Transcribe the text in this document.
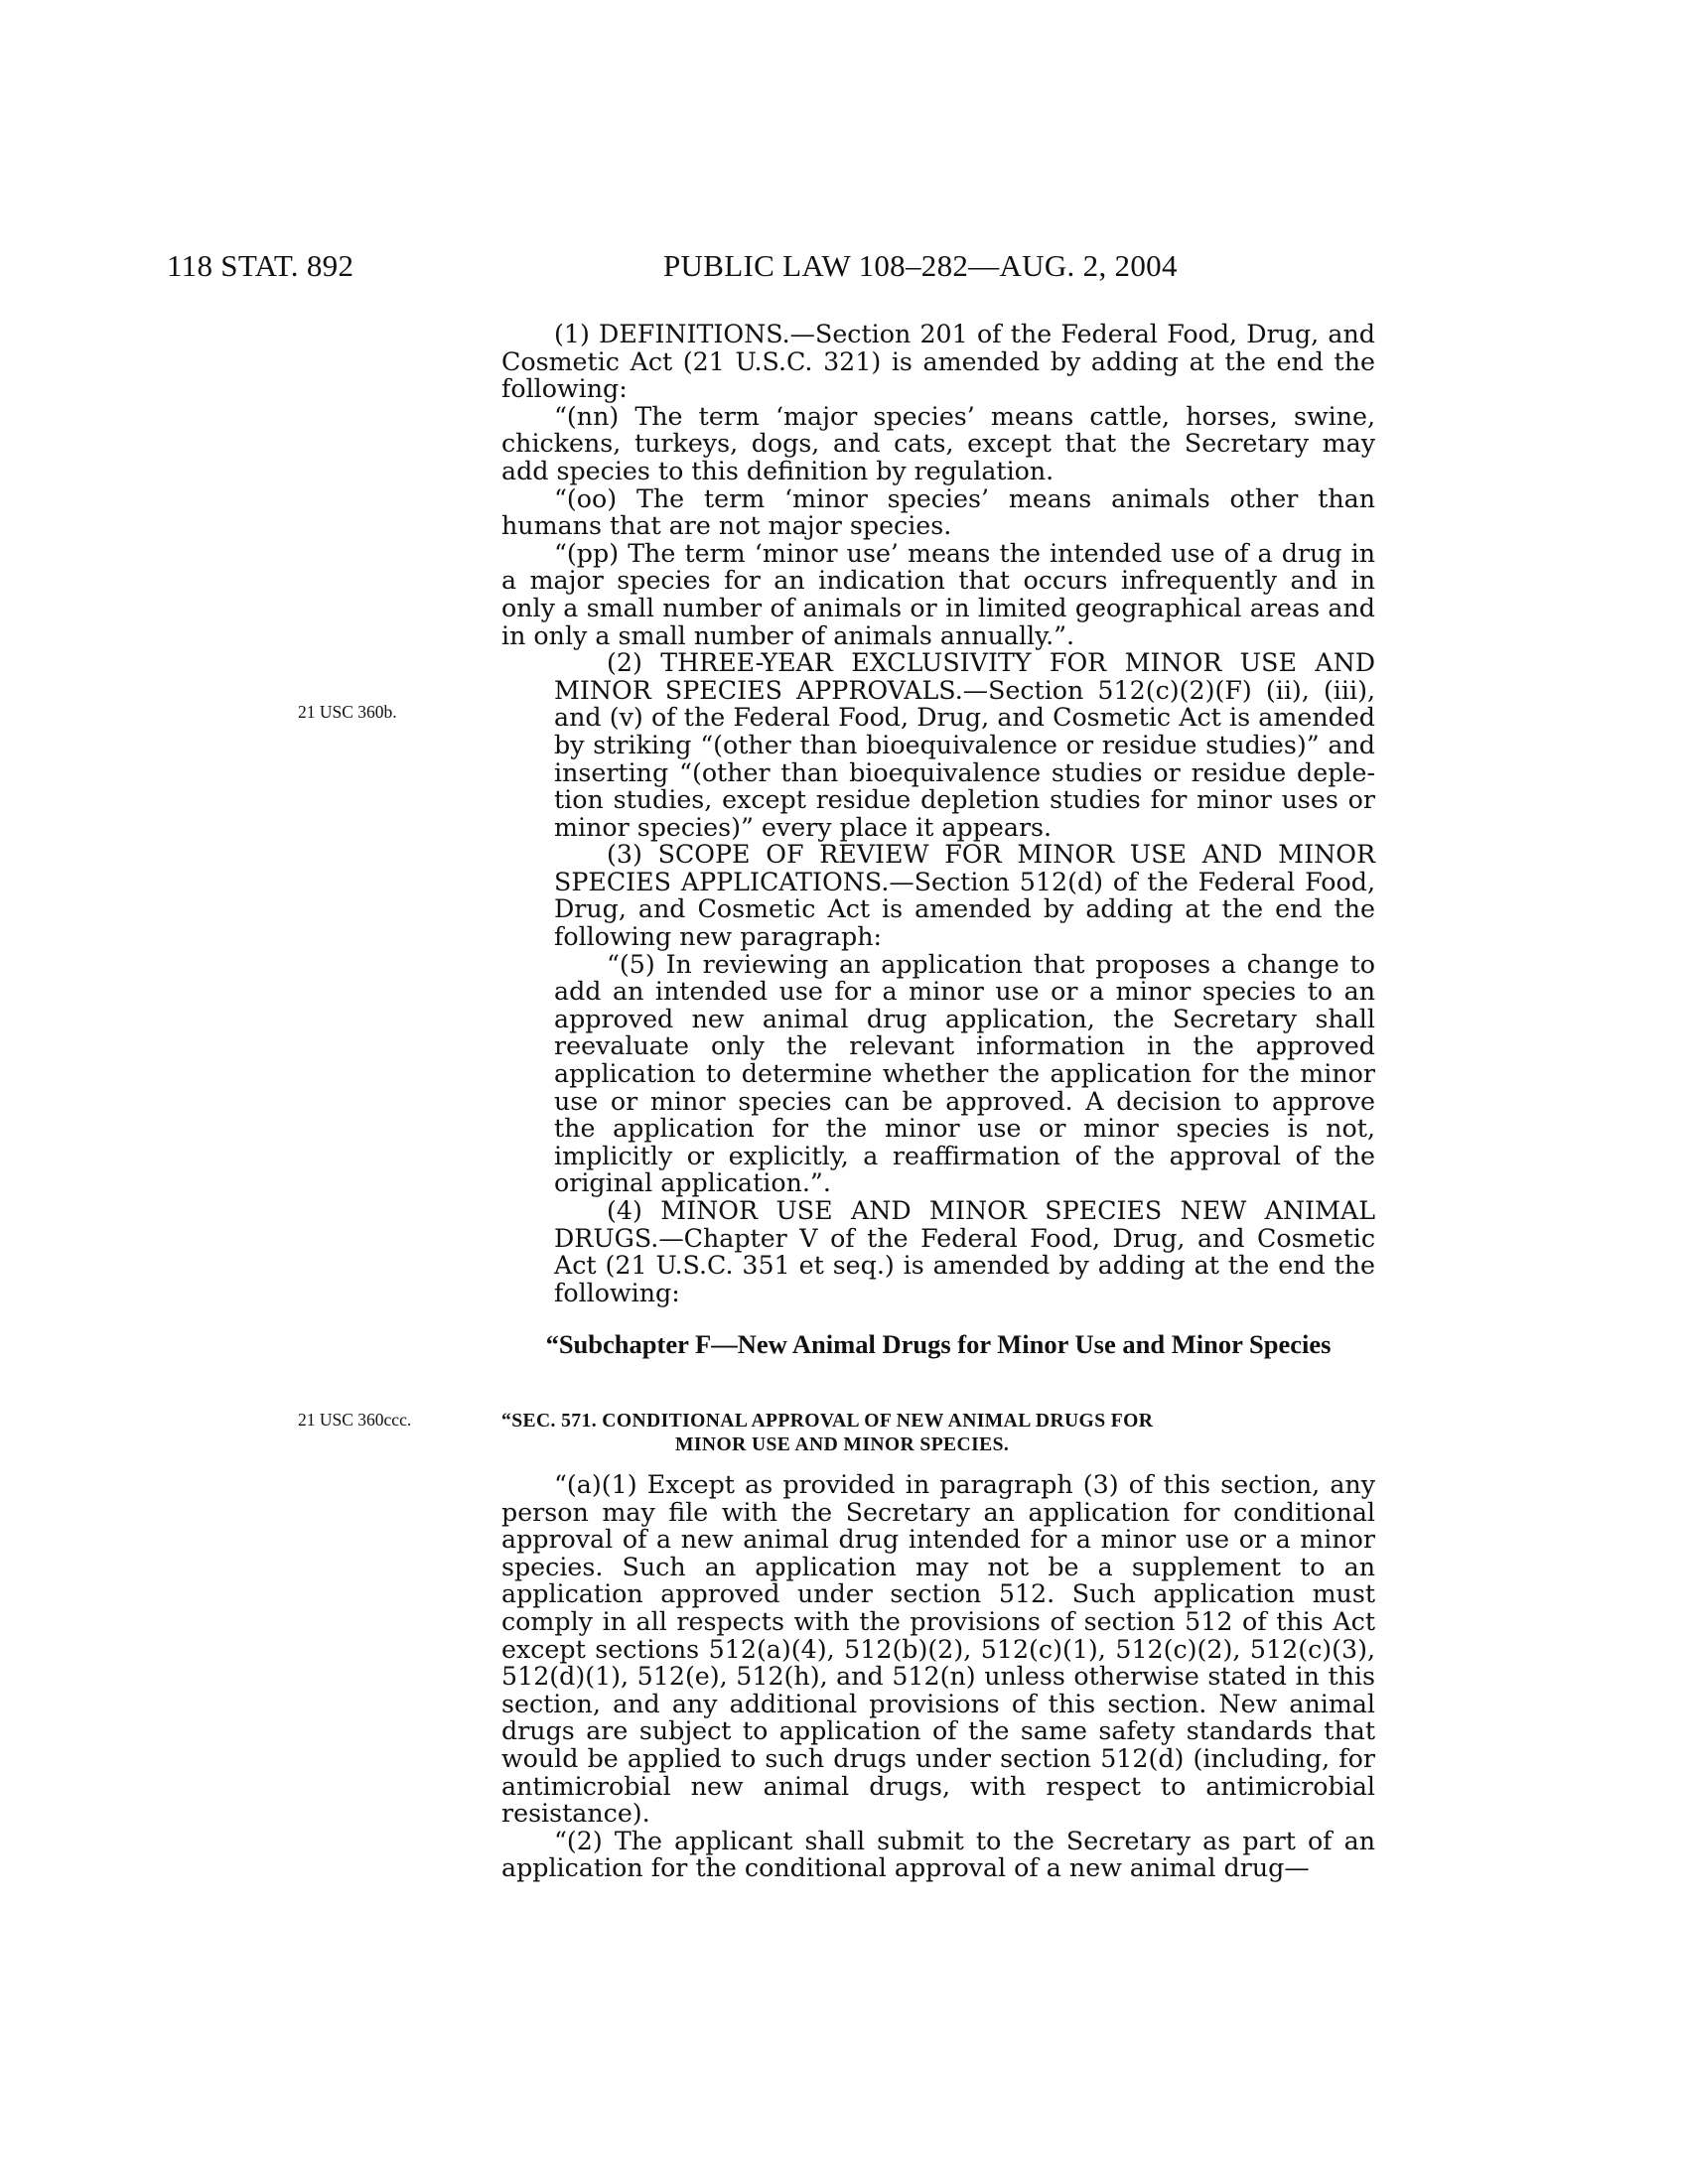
118 STAT. 892	PUBLIC LAW 108–282—AUG. 2, 2004
21 USC 360b.
21 USC 360ccc.

(1) DEFINITIONS.—Section 201 of the Federal Food, Drug, and Cosmetic Act (21 U.S.C. 321) is amended by adding at the end the following:

“(nn) The term ‘major species’ means cattle, horses, swine, chickens, turkeys, dogs, and cats, except that the Secretary may add species to this definition by regulation.

“(oo) The term ‘minor species’ means animals other than humans that are not major species.

“(pp) The term ‘minor use’ means the intended use of a drug in a major species for an indication that occurs infrequently and in only a small number of animals or in limited geographical areas and in only a small number of animals annually.”.

(2) THREE-YEAR EXCLUSIVITY FOR MINOR USE AND MINOR SPECIES APPROVALS.—Section 512(c)(2)(F) (ii), (iii), and (v) of the Federal Food, Drug, and Cosmetic Act is amended by striking “(other than bioequivalence or residue studies)” and inserting “(other than bioequivalence studies or residue deple-tion studies, except residue depletion studies for minor uses or minor species)” every place it appears.

(3) SCOPE OF REVIEW FOR MINOR USE AND MINOR SPECIES APPLICATIONS.—Section 512(d) of the Federal Food, Drug, and Cosmetic Act is amended by adding at the end the following new paragraph:

“(5) In reviewing an application that proposes a change to add an intended use for a minor use or a minor species to an approved new animal drug application, the Secretary shall reevaluate only the relevant information in the approved application to determine whether the application for the minor use or minor species can be approved. A decision to approve the application for the minor use or minor species is not, implicitly or explicitly, a reaffirmation of the approval of the original application.”.

(4) MINOR USE AND MINOR SPECIES NEW ANIMAL DRUGS.—Chapter V of the Federal Food, Drug, and Cosmetic Act (21 U.S.C. 351 et seq.) is amended by adding at the end the following:

“Subchapter F—New Animal Drugs for Minor Use and Minor Species
“SEC. 571. CONDITIONAL APPROVAL OF NEW ANIMAL DRUGS FOR
MINOR USE AND MINOR SPECIES.

“(a)(1) Except as provided in paragraph (3) of this section, any person may file with the Secretary an application for conditional approval of a new animal drug intended for a minor use or a minor species. Such an application may not be a supplement to an application approved under section 512. Such application must comply in all respects with the provisions of section 512 of this Act except sections 512(a)(4), 512(b)(2), 512(c)(1), 512(c)(2), 512(c)(3), 512(d)(1), 512(e), 512(h), and 512(n) unless otherwise stated in this section, and any additional provisions of this section. New animal drugs are subject to application of the same safety standards that would be applied to such drugs under section 512(d) (including, for antimicrobial new animal drugs, with respect to antimicrobial resistance).

“(2) The applicant shall submit to the Secretary as part of an application for the conditional approval of a new animal drug—
